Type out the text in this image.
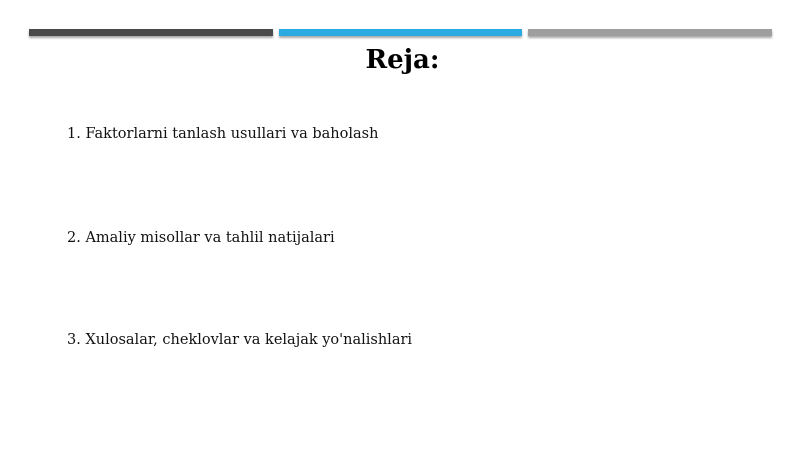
Reja:
1. Faktorlarni tanlash usullari va baholash
2. Amaliy misollar va tahlil natijalari
3. Xulosalar, cheklovlar va kelajak yo'nalishlari
